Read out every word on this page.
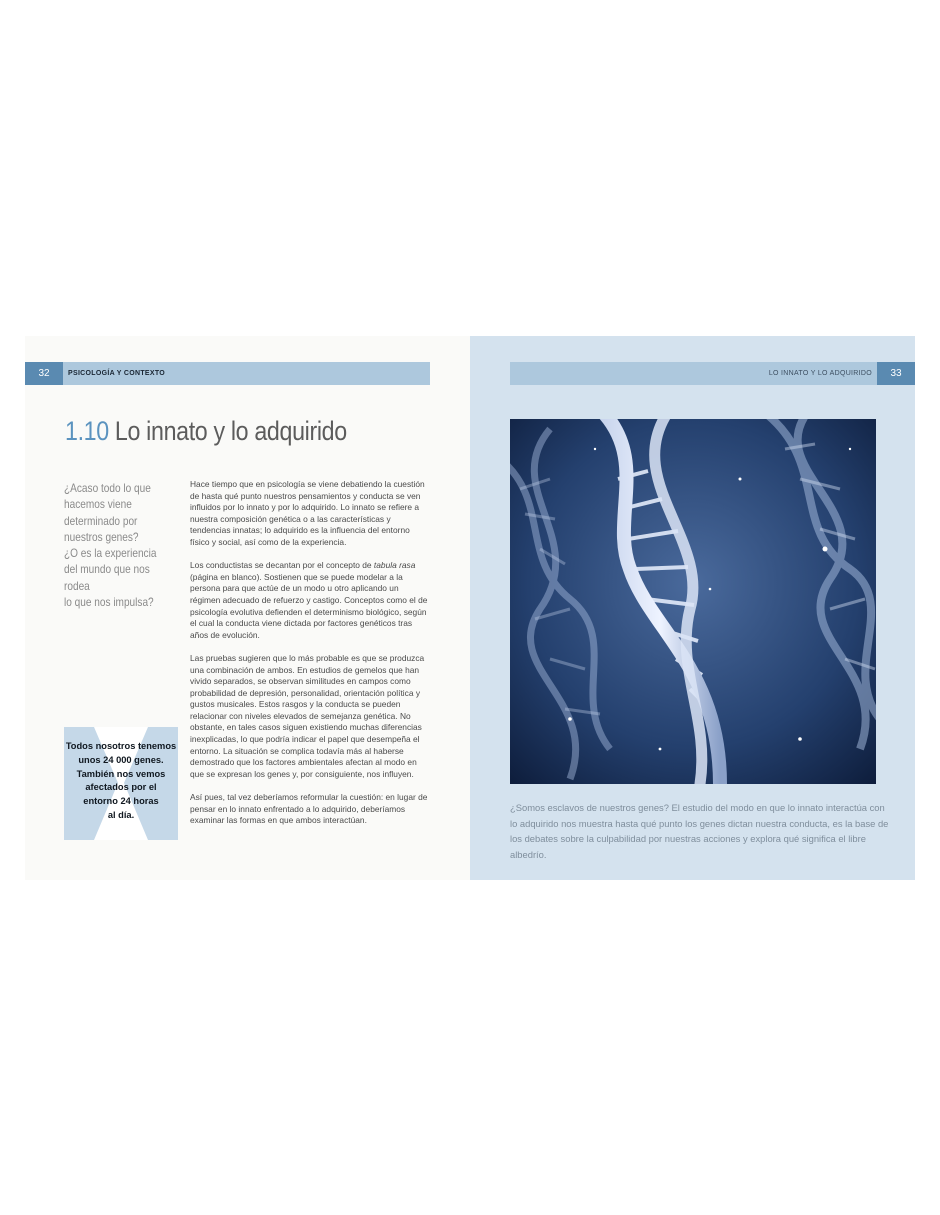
32	PSICOLOGÍA Y CONTEXTO
1.10 Lo innato y lo adquirido

¿Acaso todo lo que

hacemos viene

determinado por

nuestros genes?

¿O es la experiencia

del mundo que nos rodea

lo que nos impulsa?

Hace tiempo que en psicología se viene debatiendo la cuestión de hasta qué punto nuestros pensamientos y conducta se ven influidos por lo innato y por lo adquirido. Lo innato se refiere a nuestra composición genética o a las características y tendencias innatas; lo adquirido es la influencia del entorno físico y social, así como de la experiencia.

Los conductistas se decantan por el concepto de tabula rasa (página en blanco). Sostienen que se puede modelar a la persona para que actúe de un modo u otro aplicando un régimen adecuado de refuerzo y castigo. Conceptos como el de psicología evolutiva defienden el determinismo biológico, según el cual la conducta viene dictada por factores genéticos tras años de evolución.

Las pruebas sugieren que lo más probable es que se produzca una combinación de ambos. En estudios de gemelos que han vivido separados, se observan similitudes en campos como probabilidad de depresión, personalidad, orientación política y gustos musicales. Estos rasgos y la conducta se pueden relacionar con niveles elevados de semejanza genética. No obstante, en tales casos siguen existiendo muchas diferencias inexplicadas, lo que podría indicar el papel que desempeña el entorno. La situación se complica todavía más al haberse demostrado que los factores ambientales afectan al modo en que se expresan los genes y, por consiguiente, nos influyen.

Así pues, tal vez deberíamos reformular la cuestión: en lugar de pensar en lo innato enfrentado a lo adquirido, deberíamos examinar las formas en que ambos interactúan.

Todos nosotros tenemos
unos 24 000 genes.
También nos vemos
afectados por el
entorno 24 horas
al día.
LO INNATO Y LO ADQUIRIDO	33
¿Somos esclavos de nuestros genes? El estudio del modo en que lo innato interactúa con lo adquirido nos muestra hasta qué punto los genes dictan nuestra conducta, es la base de los debates sobre la culpabilidad por nuestras acciones y explora qué significa el libre albedrío.
